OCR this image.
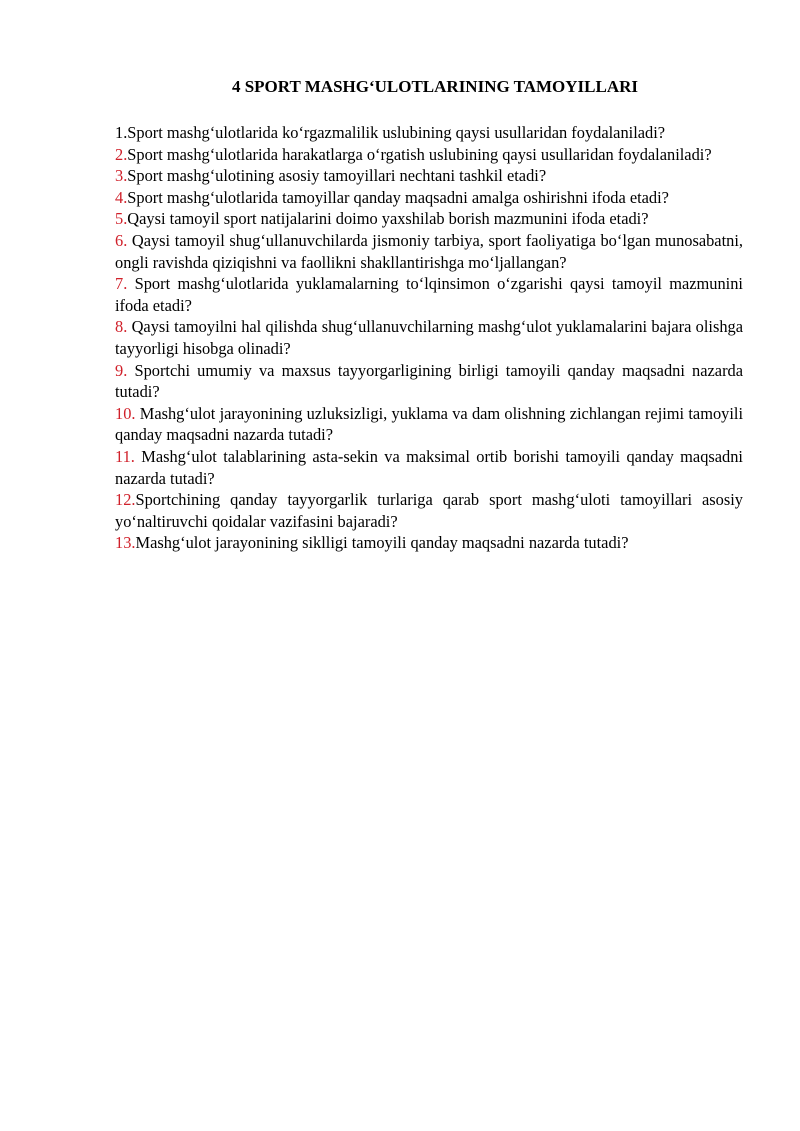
4 SPORT MASHG‘ULOTLARINING TAMOYILLARI

1.Sport mashg‘ulotlarida ko‘rgazmalilik uslubining qaysi usullaridan foydalaniladi?

2.Sport mashg‘ulotlarida harakatlarga o‘rgatish uslubining qaysi usullaridan foydalaniladi?

3.Sport mashg‘ulotining asosiy tamoyillari nechtani tashkil etadi?

4.Sport mashg‘ulotlarida tamoyillar qanday maqsadni amalga oshirishni ifoda etadi?

5.Qaysi tamoyil sport natijalarini doimo yaxshilab borish mazmunini ifoda etadi?

6. Qaysi tamoyil shug‘ullanuvchilarda jismoniy tarbiya, sport faoliyatiga bo‘lgan munosabatni, ongli ravishda qiziqishni va faollikni shakllantirishga mo‘ljallangan?

7. Sport mashg‘ulotlarida yuklamalarning to‘lqinsimon o‘zgarishi qaysi tamoyil mazmunini ifoda etadi?

8. Qaysi tamoyilni hal qilishda shug‘ullanuvchilarning mashg‘ulot yuklamalarini bajara olishga tayyorligi hisobga olinadi?

9. Sportchi umumiy va maxsus tayyorgarligining birligi tamoyili qanday maqsadni nazarda tutadi?

10. Mashg‘ulot jarayonining uzluksizligi, yuklama va dam olishning zichlangan rejimi tamoyili qanday maqsadni nazarda tutadi?

11. Mashg‘ulot talablarining asta-sekin va maksimal ortib borishi tamoyili qanday maqsadni nazarda tutadi?

12.Sportchining qanday tayyorgarlik turlariga qarab sport mashg‘uloti tamoyillari asosiy yo‘naltiruvchi qoidalar vazifasini bajaradi?

13.Mashg‘ulot jarayonining siklligi tamoyili qanday maqsadni nazarda tutadi?
